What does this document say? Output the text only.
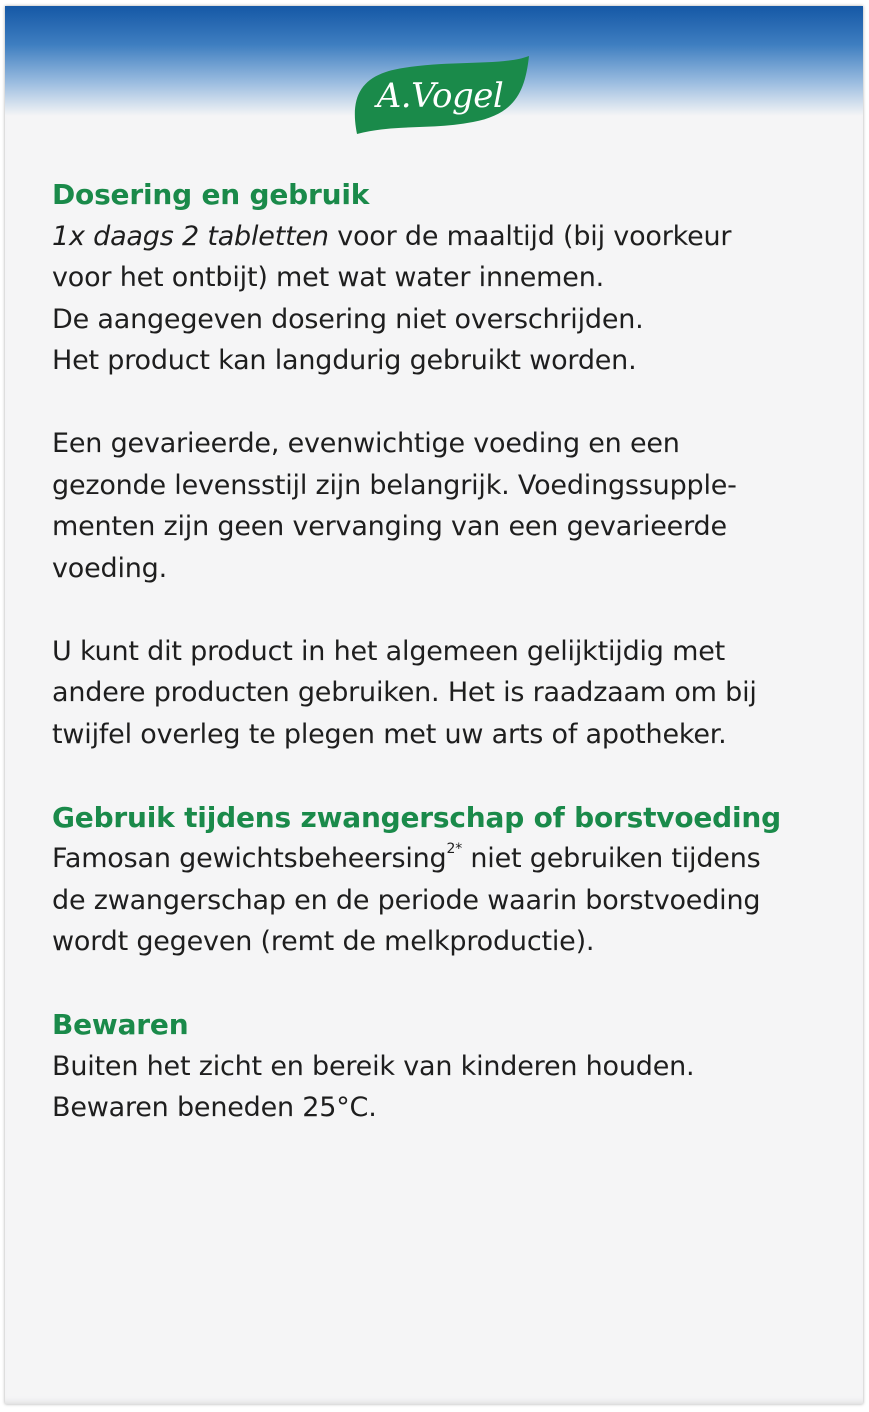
A.Vogel

Dosering en gebruik

1x daags 2 tabletten voor de maaltijd (bij voorkeur

voor het ontbijt) met wat water innemen.

De aangegeven dosering niet overschrijden.

Het product kan langdurig gebruikt worden.

Een gevarieerde, evenwichtige voeding en een

gezonde levensstijl zijn belangrijk. Voedingssupple-

menten zijn geen vervanging van een gevarieerde

voeding.

U kunt dit product in het algemeen gelijktijdig met

andere producten gebruiken. Het is raadzaam om bij

twijfel overleg te plegen met uw arts of apotheker.

Gebruik tijdens zwangerschap of borstvoeding

Famosan gewichtsbeheersing$^{2*}$ niet gebruiken tijdens

de zwangerschap en de periode waarin borstvoeding

wordt gegeven (remt de melkproductie).

Bewaren

Buiten het zicht en bereik van kinderen houden.

Bewaren beneden 25°C.
